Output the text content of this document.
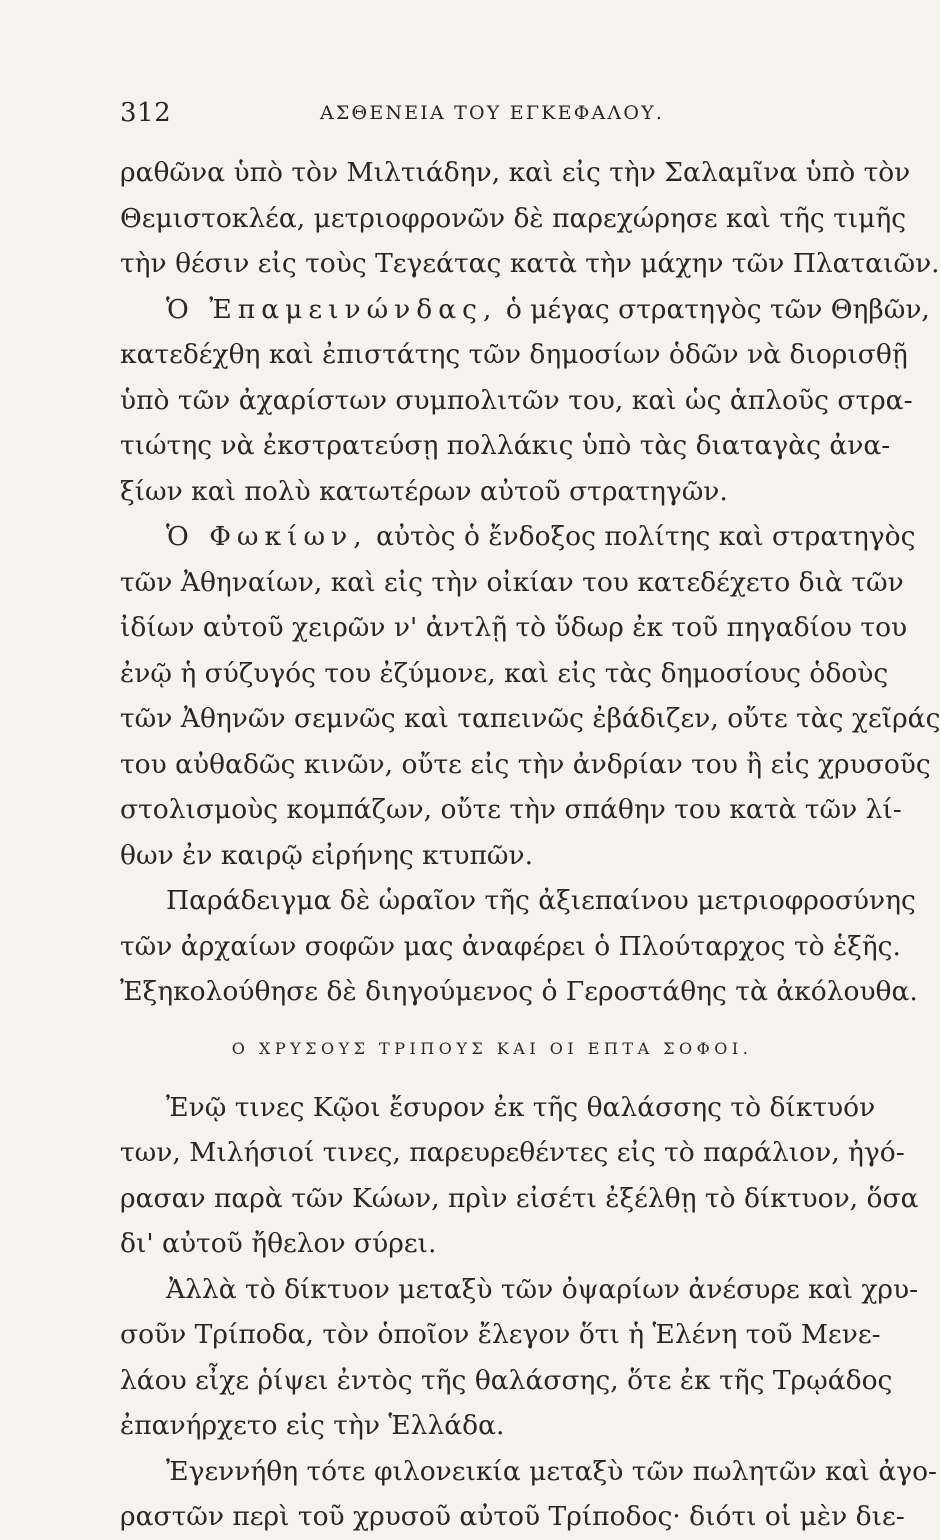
312	ΑΣΘΕΝΕΙΑ ΤΟΥ ΕΓΚΕΦΑΛΟΥ.
ραθῶνα ὑπὸ τὸν Μιλτιάδην, καὶ εἰς τὴν Σαλαμῖνα ὑπὸ τὸν
Θεμιστοκλέα, μετριοφρονῶν δὲ παρεχώρησε καὶ τῆς τιμῆς
τὴν θέσιν εἰς τοὺς Τεγεάτας κατὰ τὴν μάχην τῶν Πλαταιῶν.
Ὁ Ἐπαμεινώνδας, ὁ μέγας στρατηγὸς τῶν Θηβῶν,
κατεδέχθη καὶ ἐπιστάτης τῶν δημοσίων ὁδῶν νὰ διορισθῇ
ὑπὸ τῶν ἀχαρίστων συμπολιτῶν του, καὶ ὡς ἁπλοῦς στρα-
τιώτης νὰ ἐκστρατεύσῃ πολλάκις ὑπὸ τὰς διαταγὰς ἀνα-
ξίων καὶ πολὺ κατωτέρων αὐτοῦ στρατηγῶν.
Ὁ Φωκίων, αὐτὸς ὁ ἔνδοξος πολίτης καὶ στρατηγὸς
τῶν Ἀθηναίων, καὶ εἰς τὴν οἰκίαν του κατεδέχετο διὰ τῶν
ἰδίων αὐτοῦ χειρῶν ν' ἀντλῇ τὸ ὕδωρ ἐκ τοῦ πηγαδίου του
ἐνῷ ἡ σύζυγός του ἐζύμονε, καὶ εἰς τὰς δημοσίους ὁδοὺς
τῶν Ἀθηνῶν σεμνῶς καὶ ταπεινῶς ἐβάδιζεν, οὔτε τὰς χεῖράς
του αὐθαδῶς κινῶν, οὔτε εἰς τὴν ἀνδρίαν του ἢ εἰς χρυσοῦς
στολισμοὺς κομπάζων, οὔτε τὴν σπάθην του κατὰ τῶν λί-
θων ἐν καιρῷ εἰρήνης κτυπῶν.
Παράδειγμα δὲ ὡραῖον τῆς ἀξιεπαίνου μετριοφροσύνης
τῶν ἀρχαίων σοφῶν μας ἀναφέρει ὁ Πλούταρχος τὸ ἑξῆς.
Ἐξηκολούθησε δὲ διηγούμενος ὁ Γεροστάθης τὰ ἀκόλουθα.
Ο ΧΡΥΣΟΥΣ ΤΡΙΠΟΥΣ ΚΑΙ ΟΙ ΕΠΤΑ ΣΟΦΟΙ.
Ἐνῷ τινες Κῷοι ἔσυρον ἐκ τῆς θαλάσσης τὸ δίκτυόν
των, Μιλήσιοί τινες, παρευρεθέντες εἰς τὸ παράλιον, ἠγό-
ρασαν παρὰ τῶν Κώων, πρὶν εἰσέτι ἐξέλθῃ τὸ δίκτυον, ὅσα
δι' αὐτοῦ ἤθελον σύρει.
Ἀλλὰ τὸ δίκτυον μεταξὺ τῶν ὀψαρίων ἀνέσυρε καὶ χρυ-
σοῦν Τρίποδα, τὸν ὁποῖον ἔλεγον ὅτι ἡ Ἑλένη τοῦ Μενε-
λάου εἶχε ῥίψει ἐντὸς τῆς θαλάσσης, ὅτε ἐκ τῆς Τρῳάδος
ἐπανήρχετο εἰς τὴν Ἑλλάδα.
Ἐγεννήθη τότε φιλονεικία μεταξὺ τῶν πωλητῶν καὶ ἀγο-
ραστῶν περὶ τοῦ χρυσοῦ αὐτοῦ Τρίποδος· διότι οἱ μὲν διε-
